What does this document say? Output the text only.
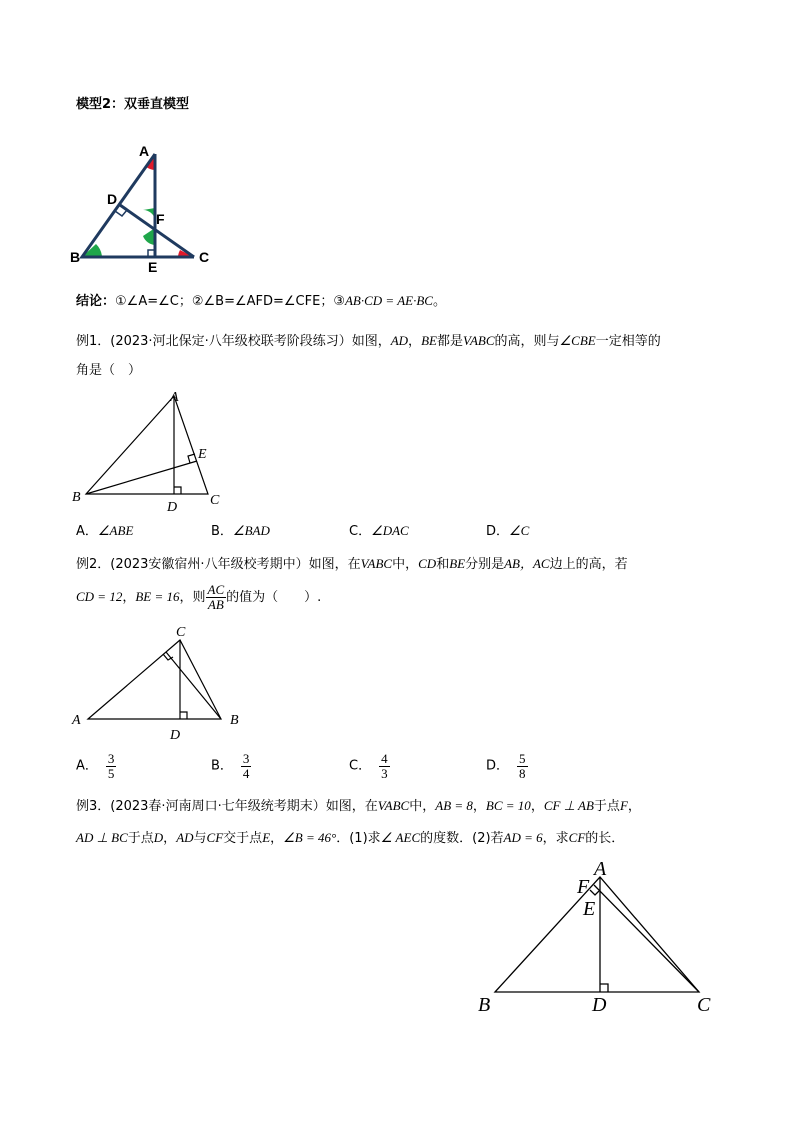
模型2：双垂直模型
A
D
F
B
E
C
结论：①∠A=∠C；②∠B=∠AFD=∠CFE；③AB·CD = AE·BC。
例1．(2023·河北保定·八年级校联考阶段练习）如图，AD，BE都是VABC的高，则与∠CBE一定相等的
角是（　）
A
E
B	C
D
A．∠ABE	B．∠BAD	C．∠DAC	D．∠C
例2．(2023安徽宿州·八年级校考期中）如图，在VABC中，CD和BE分别是AB，AC边上的高，若
CD = 12，BE = 16，则 $\frac{AC}{AB}$ 的值为（　　）.
C
A	B
D
A． $\frac{3}{5}$	B． $\frac{3}{4}$	C． $\frac{4}{3}$	D． $\frac{5}{8}$
例3．(2023春·河南周口·七年级统考期末）如图，在VABC中，AB = 8，BC = 10，CF ⊥ AB于点F，
AD ⊥ BC于点D，AD与CF交于点E，∠B = 46°．(1)求∠ AEC的度数．(2)若AD = 6，求CF的长．
A
F
E
B	D	C
